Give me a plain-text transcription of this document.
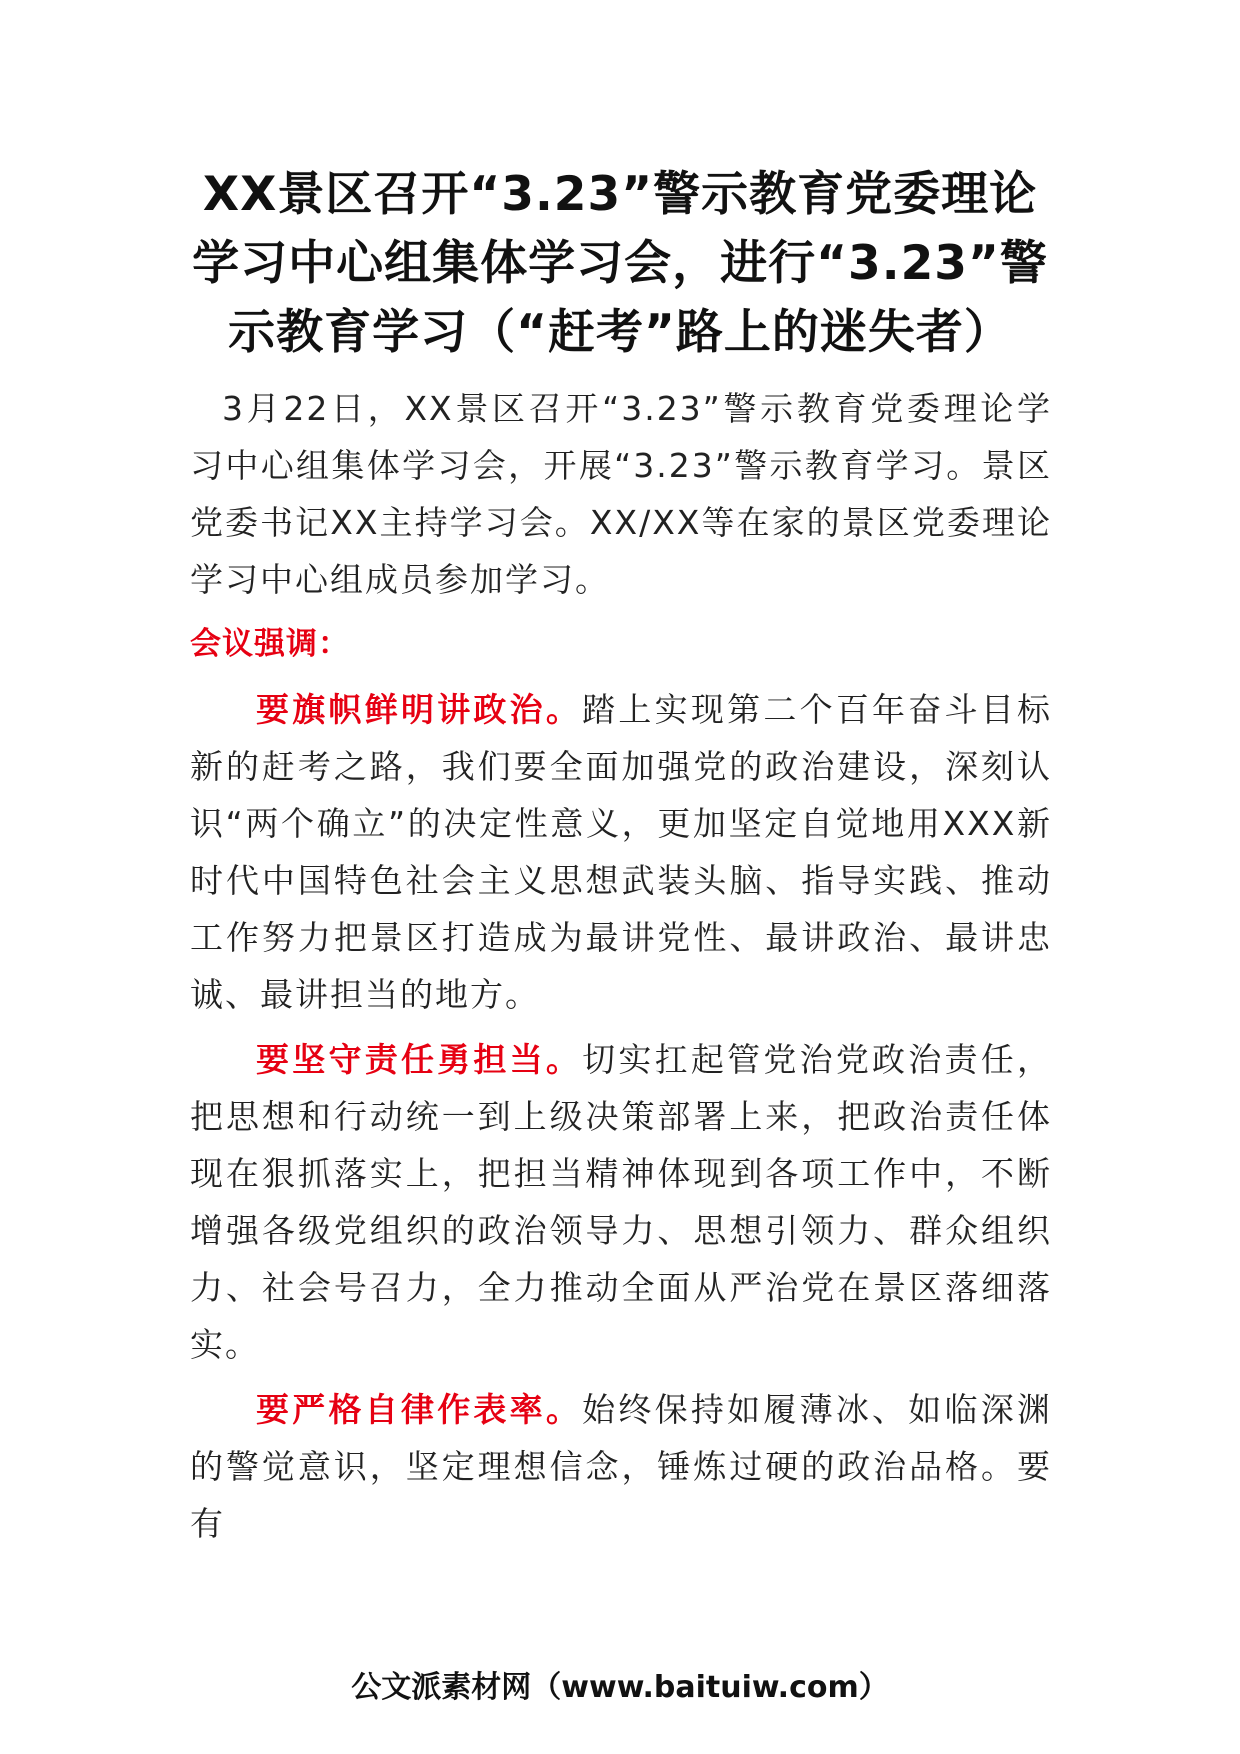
XX景区召开“3.23”警示教育党委理论学习中心组集体学习会，进行“3.23”警示教育学习（“赶考”路上的迷失者）

3月22日，XX景区召开“3.23”警示教育党委理论学习中心组集体学习会，开展“3.23”警示教育学习。景区党委书记XX主持学习会。XX/XX等在家的景区党委理论学习中心组成员参加学习。

会议强调：

要旗帜鲜明讲政治。踏上实现第二个百年奋斗目标新的赶考之路，我们要全面加强党的政治建设，深刻认识“两个确立”的决定性意义，更加坚定自觉地用XXX新时代中国特色社会主义思想武装头脑、指导实践、推动工作努力把景区打造成为最讲党性、最讲政治、最讲忠诚、最讲担当的地方。

要坚守责任勇担当。切实扛起管党治党政治责任，把思想和行动统一到上级决策部署上来，把政治责任体现在狠抓落实上，把担当精神体现到各项工作中，不断增强各级党组织的政治领导力、思想引领力、群众组织力、社会号召力，全力推动全面从严治党在景区落细落实。

要严格自律作表率。始终保持如履薄冰、如临深渊的警觉意识，坚定理想信念，锤炼过硬的政治品格。要有

公文派素材网（www.baituiw.com）
